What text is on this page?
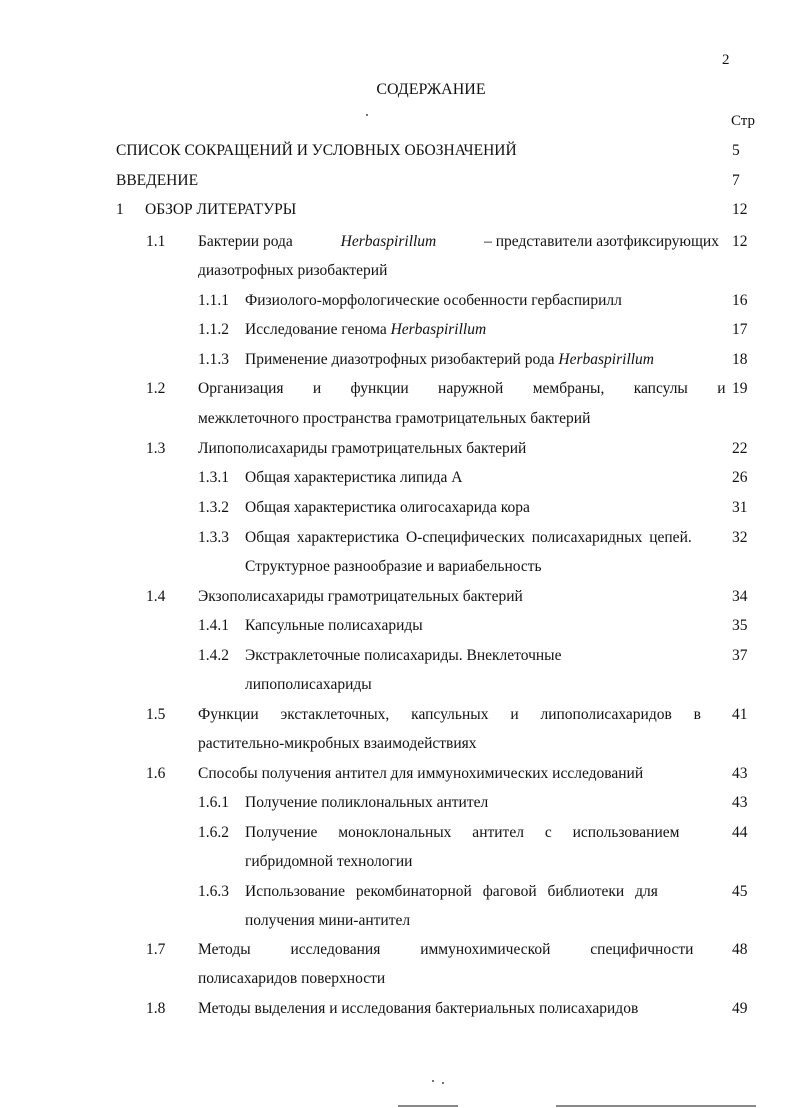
2
СОДЕРЖАНИЕ
Стр
СПИСОК СОКРАЩЕНИЙ И УСЛОВНЫХ ОБОЗНАЧЕНИЙ	5
ВВЕДЕНИЕ	7
1 ОБЗОР ЛИТЕРАТУРЫ	12
1.1 Бактерии рода	Herbaspirillum	– представители азотфиксирующих 12
диазотрофных ризобактерий
1.1.1 Физиолого-морфологические особенности гербаспирилл	16
1.1.2 Исследование генома Herbaspirillum	17
1.1.3 Применение диазотрофных ризобактерий рода Herbaspirillum	18
1.2 Организация и функции наружной мембраны, капсулы и 19
межклеточного пространства грамотрицательных бактерий
1.3 Липополисахариды грамотрицательных бактерий	22
1.3.1 Общая характеристика липида А	26
1.3.2 Общая характеристика олигосахарида кора	31
1.3.3 Общая характеристика О-специфических полисахаридных цепей.	32
Структурное разнообразие и вариабельность
1.4 Экзополисахариды грамотрицательных бактерий	34
1.4.1 Капсульные полисахариды	35
1.4.2 Экстраклеточные полисахариды. Внеклеточные	37
липополисахариды
1.5 Функции экстаклеточных, капсульных и липополисахаридов в 41
растительно-микробных взаимодействиях
1.6 Способы получения антител для иммунохимических исследований	43
1.6.1 Получение поликлональных антител	43
1.6.2 Получение моноклональных антител с использованием	44
гибридомной технологии
1.6.3 Использование рекомбинаторной фаговой библиотеки для	45
получения мини-антител
1.7 Методы исследования иммунохимической специфичности 48
полисахаридов поверхности
1.8 Методы выделения и исследования бактериальных полисахаридов	49
